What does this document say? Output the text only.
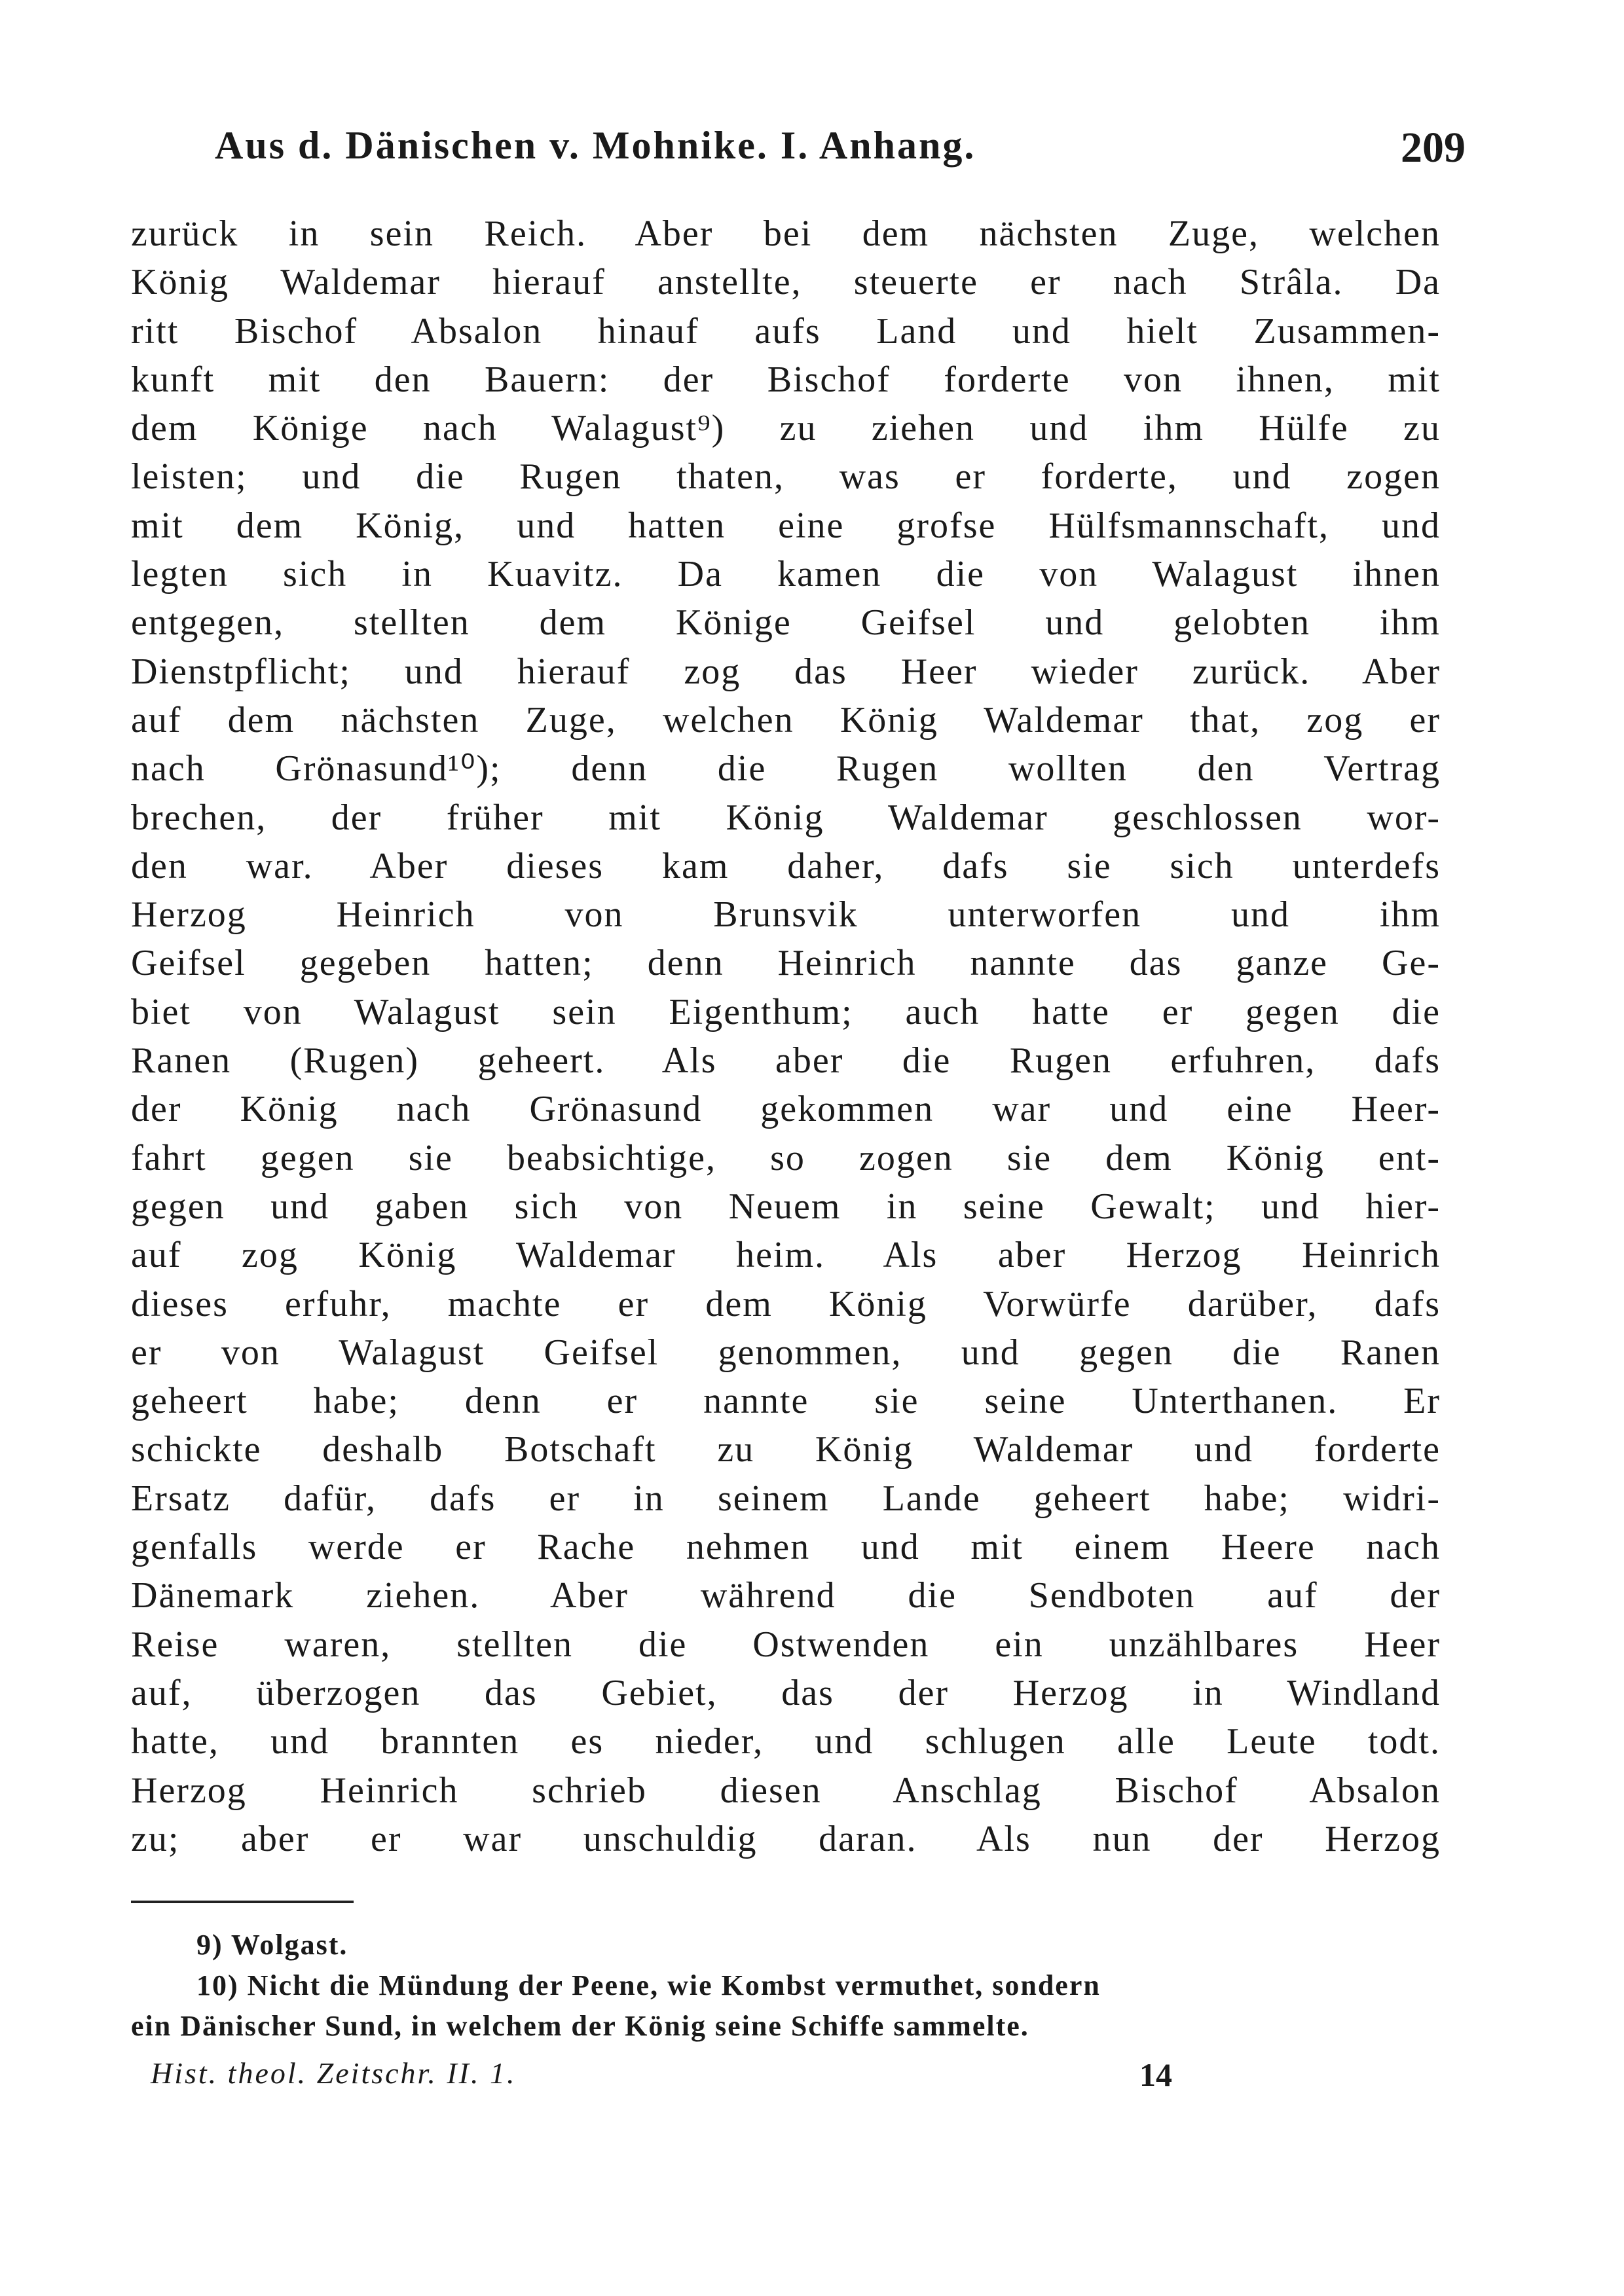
Aus d. Dänischen v. Mohnike. I. Anhang.	209
zurück in sein Reich. Aber bei dem nächsten Zuge, welchen
König Waldemar hierauf anstellte, steuerte er nach Strâla. Da
ritt Bischof Absalon hinauf aufs Land und hielt Zusammen-
kunft mit den Bauern: der Bischof forderte von ihnen, mit
dem Könige nach Walagust⁹) zu ziehen und ihm Hülfe zu
leisten; und die Rugen thaten, was er forderte, und zogen
mit dem König, und hatten eine grofse Hülfsmannschaft, und
legten sich in Kuavitz. Da kamen die von Walagust ihnen
entgegen, stellten dem Könige Geifsel und gelobten ihm
Dienstpflicht; und hierauf zog das Heer wieder zurück. Aber
auf dem nächsten Zuge, welchen König Waldemar that, zog er
nach Grönasund¹⁰); denn die Rugen wollten den Vertrag
brechen, der früher mit König Waldemar geschlossen wor-
den war. Aber dieses kam daher, dafs sie sich unterdefs
Herzog Heinrich von Brunsvik unterworfen und ihm
Geifsel gegeben hatten; denn Heinrich nannte das ganze Ge-
biet von Walagust sein Eigenthum; auch hatte er gegen die
Ranen (Rugen) geheert. Als aber die Rugen erfuhren, dafs
der König nach Grönasund gekommen war und eine Heer-
fahrt gegen sie beabsichtige, so zogen sie dem König ent-
gegen und gaben sich von Neuem in seine Gewalt; und hier-
auf zog König Waldemar heim. Als aber Herzog Heinrich
dieses erfuhr, machte er dem König Vorwürfe darüber, dafs
er von Walagust Geifsel genommen, und gegen die Ranen
geheert habe; denn er nannte sie seine Unterthanen. Er
schickte deshalb Botschaft zu König Waldemar und forderte
Ersatz dafür, dafs er in seinem Lande geheert habe; widri-
genfalls werde er Rache nehmen und mit einem Heere nach
Dänemark ziehen. Aber während die Sendboten auf der
Reise waren, stellten die Ostwenden ein unzählbares Heer
auf, überzogen das Gebiet, das der Herzog in Windland
hatte, und brannten es nieder, und schlugen alle Leute todt.
Herzog Heinrich schrieb diesen Anschlag Bischof Absalon
zu; aber er war unschuldig daran. Als nun der Herzog
9) Wolgast.
10) Nicht die Mündung der Peene, wie Kombst vermuthet, sondern
ein Dänischer Sund, in welchem der König seine Schiffe sammelte.
Hist. theol. Zeitschr. II. 1.	14
